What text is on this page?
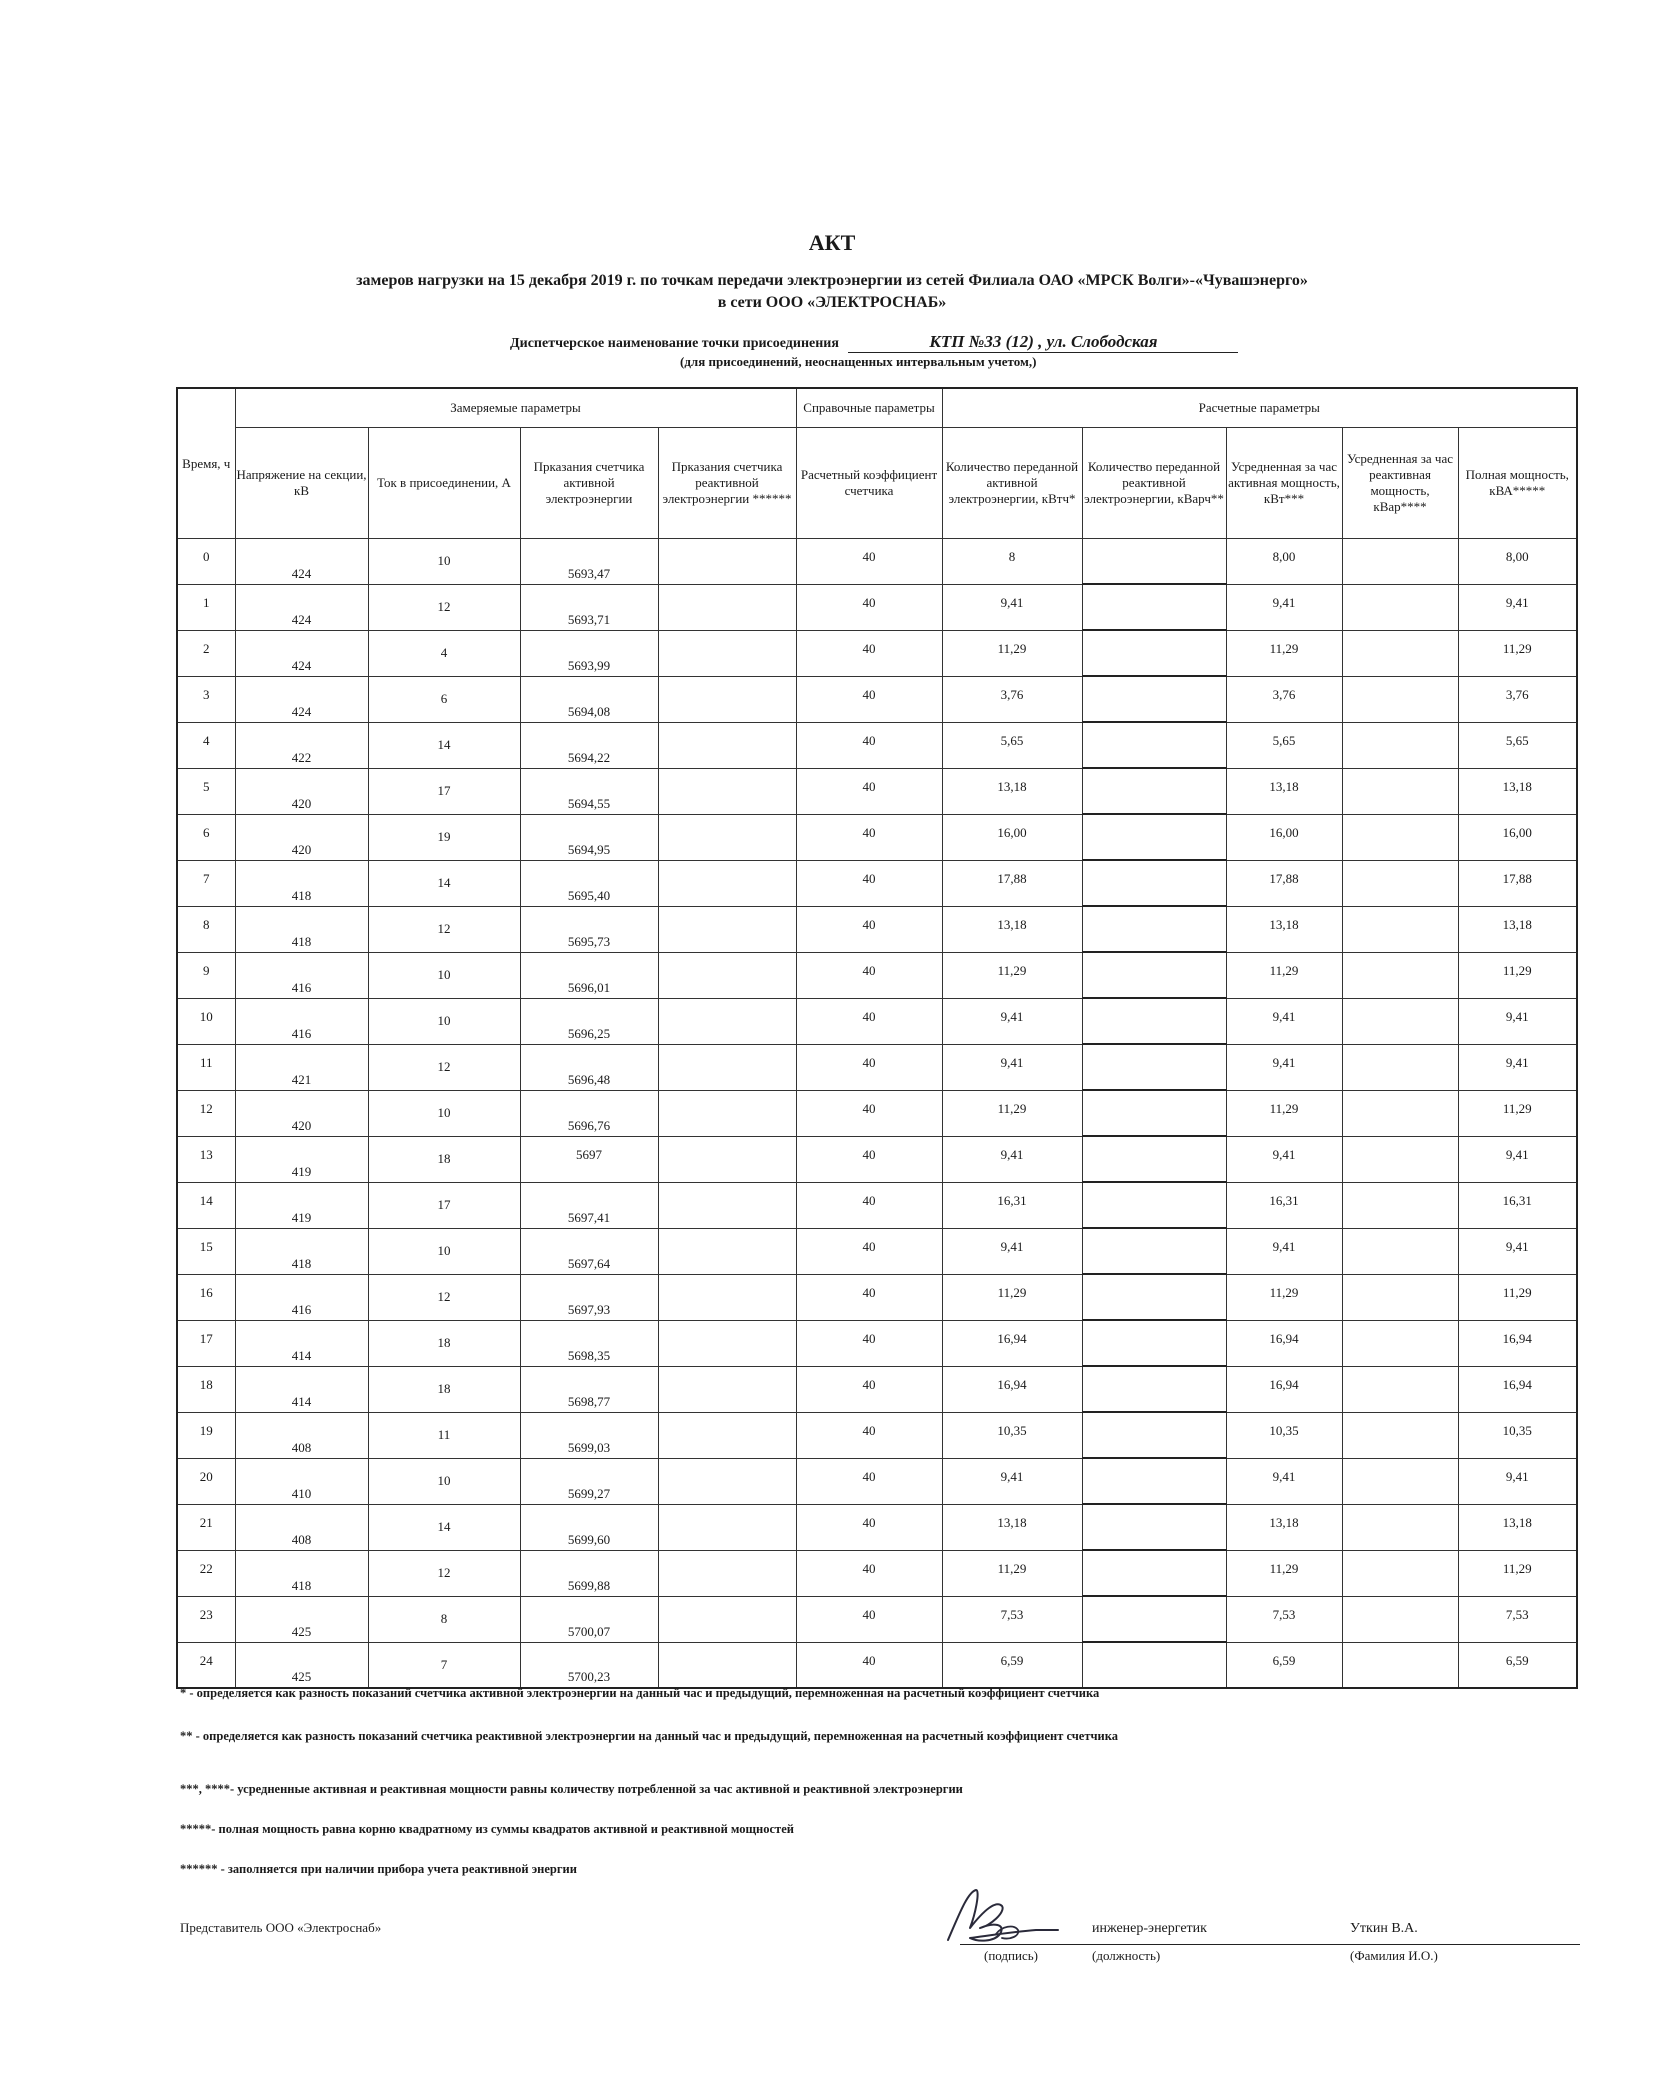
АКТ
замеров нагрузки на 15 декабря 2019 г. по точкам передачи электроэнергии из сетей Филиала ОАО «МРСК Волги»-«Чувашэнерго»
в сети ООО «ЭЛЕКТРОСНАБ»
Диспетчерское наименование точки присоединения	КТП №33 (12) , ул. Слободская
(для присоединений, неоснащенных интервальным учетом,)
Время, ч	Замеряемые параметры				Справочные параметры	Расчетные параметры				
	Напряжение на секции, кВ	Ток в присоединении, А	Прказания счетчика активной электроэнергии	Прказания счетчика реактивной электроэнергии ******	Расчетный коэффициент счетчика	Количество переданной активной электроэнергии, кВтч*	Количество переданной реактивной электроэнергии, кВарч**	Усредненная за час активная мощность, кВт***	Усредненная за час реактивная мощность, кВар****	Полная мощность, кВА*****

0	424	10	5693,47		40	8		8,00		8,00

1	424	12	5693,71		40	9,41		9,41		9,41

2	424	4	5693,99		40	11,29		11,29		11,29

3	424	6	5694,08		40	3,76		3,76		3,76

4	422	14	5694,22		40	5,65		5,65		5,65

5	420	17	5694,55		40	13,18		13,18		13,18

6	420	19	5694,95		40	16,00		16,00		16,00

7	418	14	5695,40		40	17,88		17,88		17,88

8	418	12	5695,73		40	13,18		13,18		13,18

9	416	10	5696,01		40	11,29		11,29		11,29

10	416	10	5696,25		40	9,41		9,41		9,41

11	421	12	5696,48		40	9,41		9,41		9,41

12	420	10	5696,76		40	11,29		11,29		11,29

13	419	18	5697		40	9,41		9,41		9,41

14	419	17	5697,41		40	16,31		16,31		16,31

15	418	10	5697,64		40	9,41		9,41		9,41

16	416	12	5697,93		40	11,29		11,29		11,29

17	414	18	5698,35		40	16,94		16,94		16,94

18	414	18	5698,77		40	16,94		16,94		16,94

19	408	11	5699,03		40	10,35		10,35		10,35

20	410	10	5699,27		40	9,41		9,41		9,41

21	408	14	5699,60		40	13,18		13,18		13,18

22	418	12	5699,88		40	11,29		11,29		11,29

23	425	8	5700,07		40	7,53		7,53		7,53

24	425	7	5700,23		40	6,59		6,59		6,59
* - определяется как разность показаний счетчика активной электроэнергии на данный час и предыдущий, перемноженная на расчетный коэффициент счетчика
** - определяется как разность показаний счетчика реактивной электроэнергии на данный час и предыдущий, перемноженная на расчетный коэффициент счетчика
***, ****- усредненные активная и реактивная мощности равны количеству потребленной за час активной и реактивной электроэнергии
*****- полная мощность равна корню квадратному из суммы квадратов активной и реактивной мощностей
****** - заполняется при наличии прибора учета реактивной энергии
Представитель ООО «Электроснаб»	инженер-энергетик	Уткин В.А.
(подпись)	(должность)	(Фамилия И.О.)
